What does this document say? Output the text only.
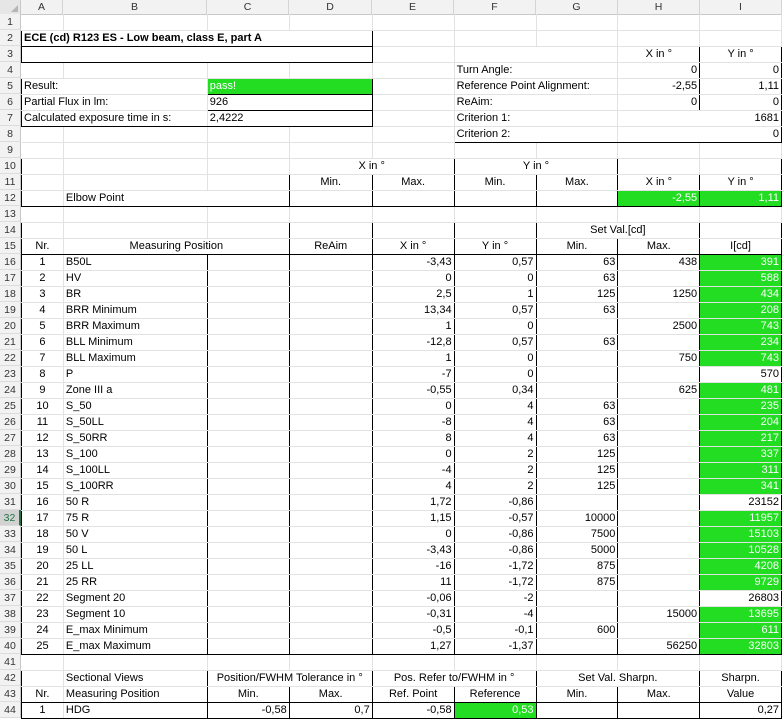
A	B	C	D	E	F	G	H	I
1
2
3
4
5
6
7
8
9
10
11
12
13
14
15
16
17
18
19
20
21
22
23
24
25
26
27
28
29
30
31
32
33
34
35
36
37
38
39
40
41
42
43
44

ECE (cd) R123 ES - Low beam, class E, part A								
							X in °	Y in °
					Turn Angle:		0	0
Result:		pass!			Reference Point Alignment:		-2,55	1,11
Partial Flux in lm:		926			ReAim:		0	0
Calculated exposure time in s:		2,4222			Criterion 1:		1681	
					Criterion 2:		0	

			X in °		Y in °			
			Min.	Max.	Min.	Max.	X in °	Y in °
	Elbow Point						-2,55	1,11

						Set Val.[cd]		
Nr.	Measuring Position		ReAim	X in °	Y in °	Min.	Max.	I[cd]
1	B50L			-3,43	0,57	63	438	391
2	HV			0	0	63		588
3	BR			2,5	1	125	1250	434
4	BRR Minimum			13,34	0,57	63		208
5	BRR Maximum			1	0		2500	743
6	BLL Minimum			-12,8	0,57	63		234
7	BLL Maximum			1	0		750	743
8	P			-7	0			570
9	Zone III a			-0,55	0,34		625	481
10	S_50			0	4	63		235
11	S_50LL			-8	4	63		204
12	S_50RR			8	4	63		217
13	S_100			0	2	125		337
14	S_100LL			-4	2	125		311
15	S_100RR			4	2	125		341
16	50 R			1,72	-0,86			23152
17	75 R			1,15	-0,57	10000		11957
18	50 V			0	-0,86	7500		15103
19	50 L			-3,43	-0,86	5000		10528
20	25 LL			-16	-1,72	875		4208
21	25 RR			11	-1,72	875		9729
22	Segment 20			-0,06	-2			26803
23	Segment 10			-0,31	-4		15000	13695
24	E_max Minimum			-0,5	-0,1	600		611
25	E_max Maximum			1,27	-1,37		56250	32803

	Sectional Views	Position/FWHM Tolerance in °		Pos. Refer to/FWHM in °		Set Val. Sharpn.		Sharpn.
Nr.	Measuring Position	Min.	Max.	Ref. Point	Reference	Min.	Max.	Value
1	HDG	-0,58	0,7	-0,58	0,53			0,27
